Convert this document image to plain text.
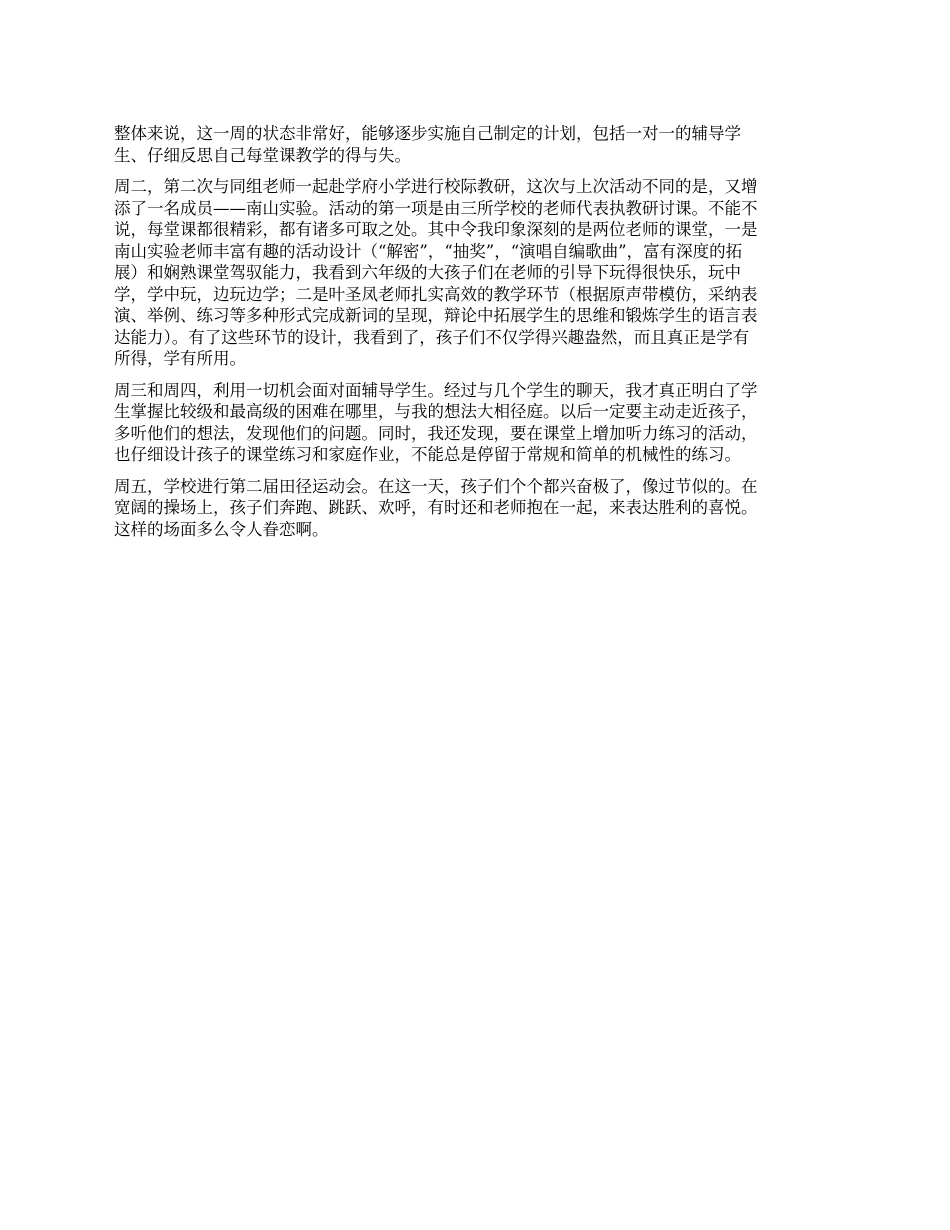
整体来说，这一周的状态非常好，能够逐步实施自己制定的计划，包括一对一的辅导学
生、仔细反思自己每堂课教学的得与失。

周二，第二次与同组老师一起赴学府小学进行校际教研，这次与上次活动不同的是，又增
添了一名成员——南山实验。活动的第一项是由三所学校的老师代表执教研讨课。不能不
说，每堂课都很精彩，都有诸多可取之处。其中令我印象深刻的是两位老师的课堂，一是
南山实验老师丰富有趣的活动设计（“解密”，“抽奖”，“演唱自编歌曲”，富有深度的拓
展）和娴熟课堂驾驭能力，我看到六年级的大孩子们在老师的引导下玩得很快乐，玩中
学，学中玩，边玩边学；二是叶圣凤老师扎实高效的教学环节（根据原声带模仿，采纳表
演、举例、练习等多种形式完成新词的呈现，辩论中拓展学生的思维和锻炼学生的语言表
达能力）。有了这些环节的设计，我看到了，孩子们不仅学得兴趣盎然，而且真正是学有
所得，学有所用。

周三和周四，利用一切机会面对面辅导学生。经过与几个学生的聊天，我才真正明白了学
生掌握比较级和最高级的困难在哪里，与我的想法大相径庭。以后一定要主动走近孩子，
多听他们的想法，发现他们的问题。同时，我还发现，要在课堂上增加听力练习的活动，
也仔细设计孩子的课堂练习和家庭作业，不能总是停留于常规和简单的机械性的练习。

周五，学校进行第二届田径运动会。在这一天，孩子们个个都兴奋极了，像过节似的。在
宽阔的操场上，孩子们奔跑、跳跃、欢呼，有时还和老师抱在一起，来表达胜利的喜悦。
这样的场面多么令人眷恋啊。
